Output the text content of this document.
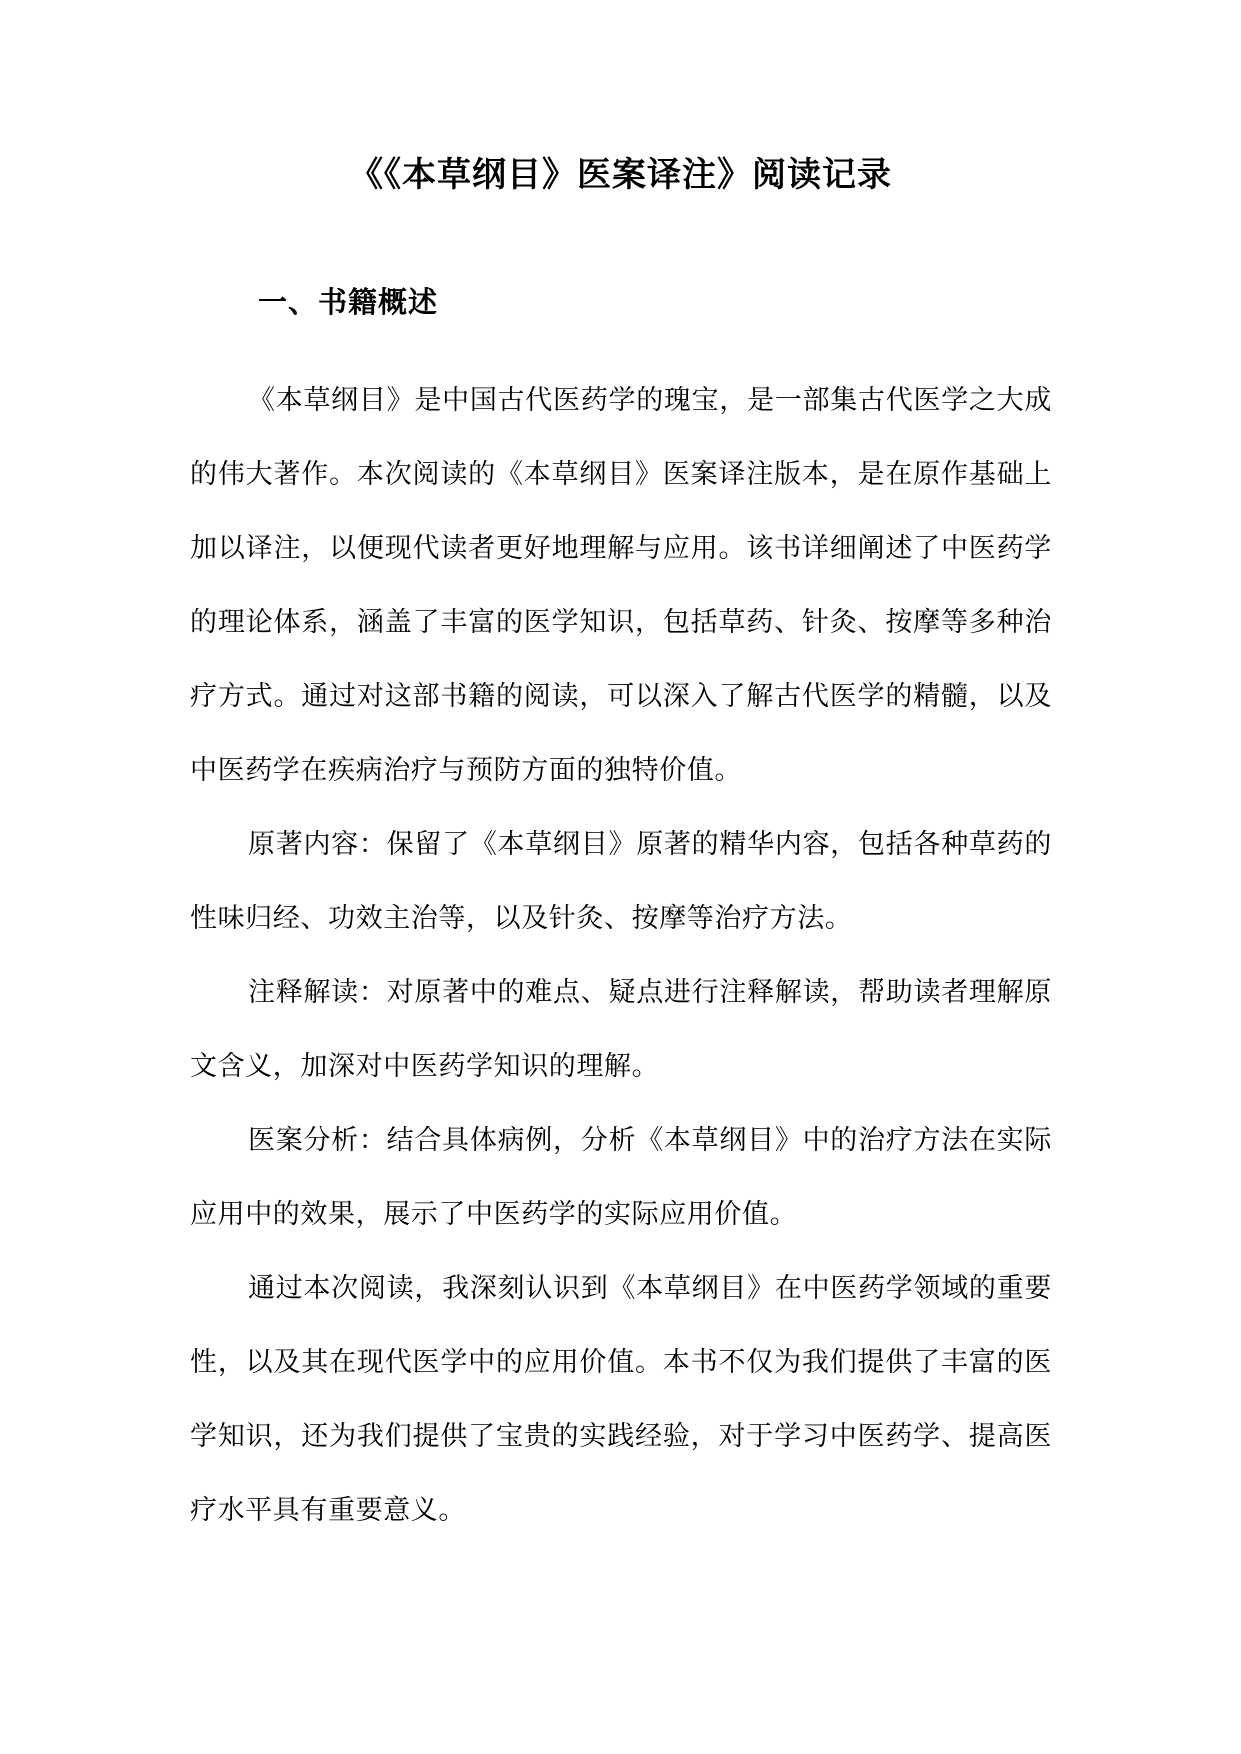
《《本草纲目》医案译注》阅读记录
一、书籍概述

《本草纲目》是中国古代医药学的瑰宝，是一部集古代医学之大成的伟大著作。本次阅读的《本草纲目》医案译注版本，是在原作基础上加以译注，以便现代读者更好地理解与应用。该书详细阐述了中医药学的理论体系，涵盖了丰富的医学知识，包括草药、针灸、按摩等多种治疗方式。通过对这部书籍的阅读，可以深入了解古代医学的精髓，以及中医药学在疾病治疗与预防方面的独特价值。

原著内容：保留了《本草纲目》原著的精华内容，包括各种草药的性味归经、功效主治等，以及针灸、按摩等治疗方法。

注释解读：对原著中的难点、疑点进行注释解读，帮助读者理解原文含义，加深对中医药学知识的理解。

医案分析：结合具体病例，分析《本草纲目》中的治疗方法在实际应用中的效果，展示了中医药学的实际应用价值。

通过本次阅读，我深刻认识到《本草纲目》在中医药学领域的重要性，以及其在现代医学中的应用价值。本书不仅为我们提供了丰富的医学知识，还为我们提供了宝贵的实践经验，对于学习中医药学、提高医疗水平具有重要意义。
